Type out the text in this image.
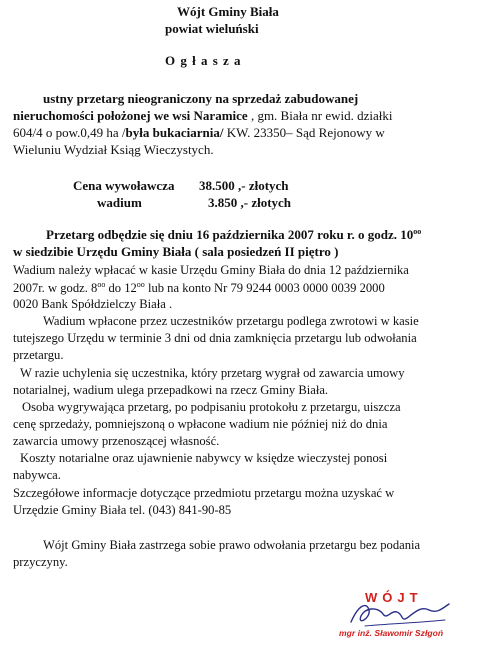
Wójt Gminy Biała
powiat wieluński
O g ł a s z a
ustny przetarg nieograniczony na sprzedaż zabudowanej
nieruchomości położonej we wsi Naramice , gm. Biała nr ewid. działki
604/4 o pow.0,49 ha /była bukaciarnia/ KW. 23350– Sąd Rejonowy w
Wieluniu Wydział Ksiąg Wieczystych.
Cena wywoławcza 38.500 ,- złotych
wadium	3.850 ,- złotych
Przetarg odbędzie się dniu 16 października 2007 roku r. o godz. $10^{oo}$
w siedzibie Urzędu Gminy Biała ( sala posiedzeń II piętro )
Wadium należy wpłacać w kasie Urzędu Gminy Biała do dnia 12 października
2007r. w godz. $8^{oo}$ do $12^{oo}$ lub na konto Nr 79 9244 0003 0000 0039 2000
0020 Bank Spółdzielczy Biała .
Wadium wpłacone przez uczestników przetargu podlega zwrotowi w kasie
tutejszego Urzędu w terminie 3 dni od dnia zamknięcia przetargu lub odwołania
przetargu.
W razie uchylenia się uczestnika, który przetarg wygrał od zawarcia umowy
notarialnej, wadium ulega przepadkowi na rzecz Gminy Biała.
Osoba wygrywająca przetarg, po podpisaniu protokołu z przetargu, uiszcza
cenę sprzedaży, pomniejszoną o wpłacone wadium nie później niż do dnia
zawarcia umowy przenoszącej własność.
Koszty notarialne oraz ujawnienie nabywcy w księdze wieczystej ponosi
nabywca.
Szczegółowe informacje dotyczące przedmiotu przetargu można uzyskać w
Urzędzie Gminy Biała tel. (043) 841-90-85
Wójt Gminy Biała zastrzega sobie prawo odwołania przetargu bez podania
przyczyny.
WÓJT
mgr inż. Sławomir Szłgoń
